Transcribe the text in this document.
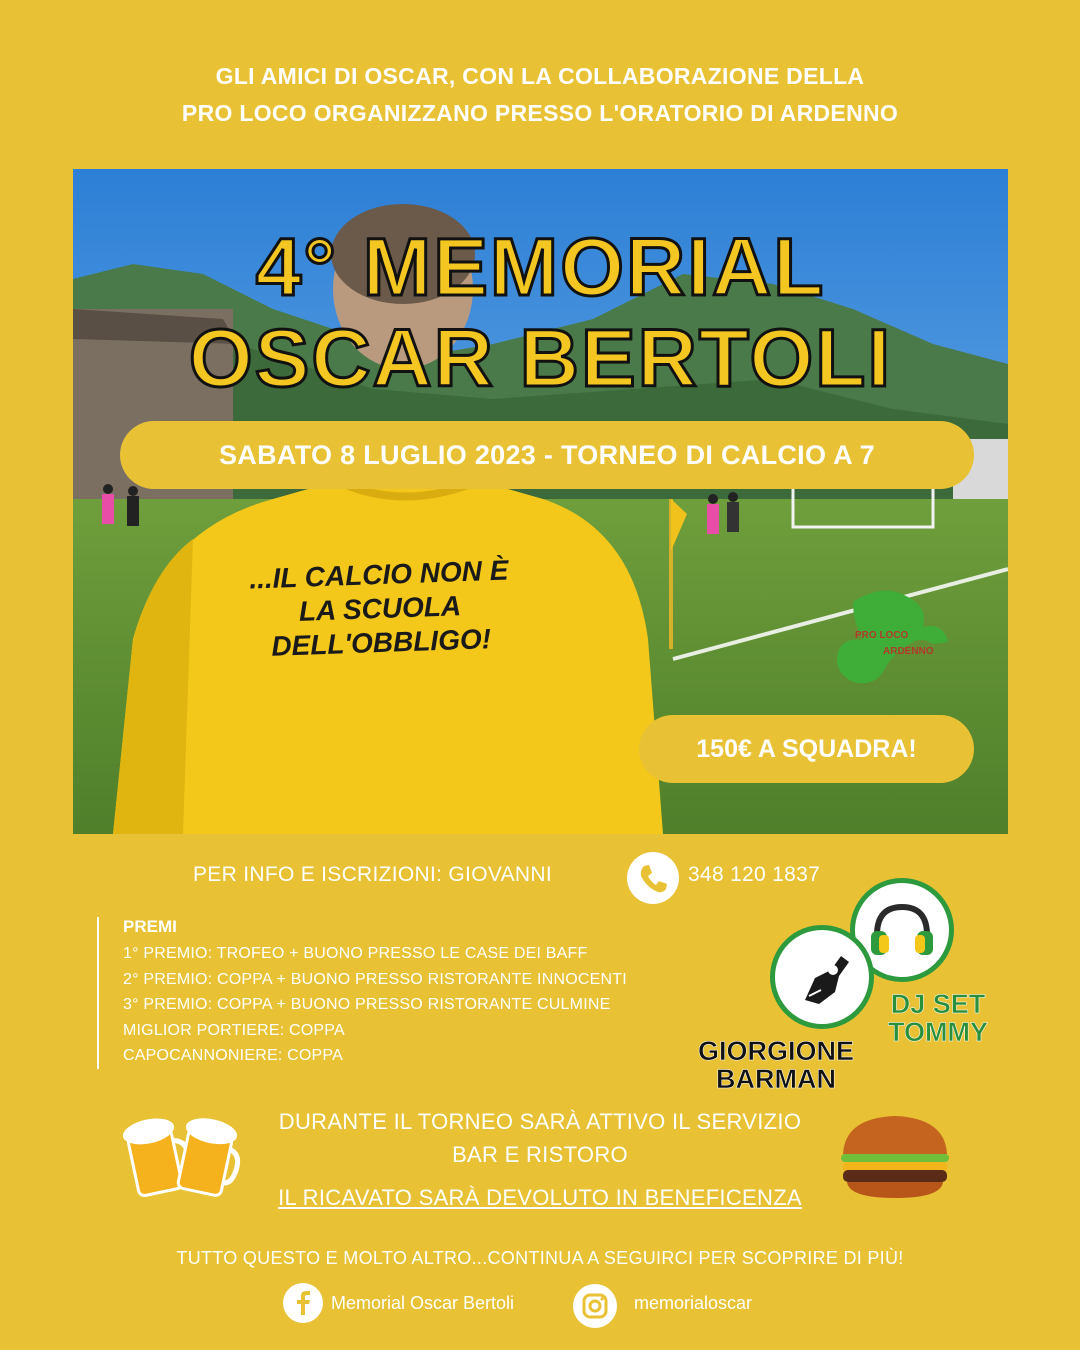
GLI AMICI DI OSCAR, CON LA COLLABORAZIONE DELLA
PRO LOCO ORGANIZZANO PRESSO L'ORATORIO DI ARDENNO
...IL CALCIO NON È
LA SCUOLA
DELL'OBBLIGO!	PRO LOCO
ARDENNO
4° MEMORIAL
OSCAR BERTOLI
SABATO 8 LUGLIO 2023 - TORNEO DI CALCIO A 7
150€ A SQUADRA!
PER INFO E ISCRIZIONI: GIOVANNI	348 120 1837
PREMI
1° PREMIO: TROFEO + BUONO PRESSO LE CASE DEI BAFF
2° PREMIO: COPPA + BUONO PRESSO RISTORANTE INNOCENTI
3° PREMIO: COPPA + BUONO PRESSO RISTORANTE CULMINE
MIGLIOR PORTIERE: COPPA
CAPOCANNONIERE: COPPA
DJ SET
TOMMY
GIORGIONE
BARMAN
DURANTE IL TORNEO SARÀ ATTIVO IL SERVIZIO
BAR E RISTORO
IL RICAVATO SARÀ DEVOLUTO IN BENEFICENZA
TUTTO QUESTO E MOLTO ALTRO...CONTINUA A SEGUIRCI PER SCOPRIRE DI PIÙ!
Memorial Oscar Bertoli	memorialoscar
